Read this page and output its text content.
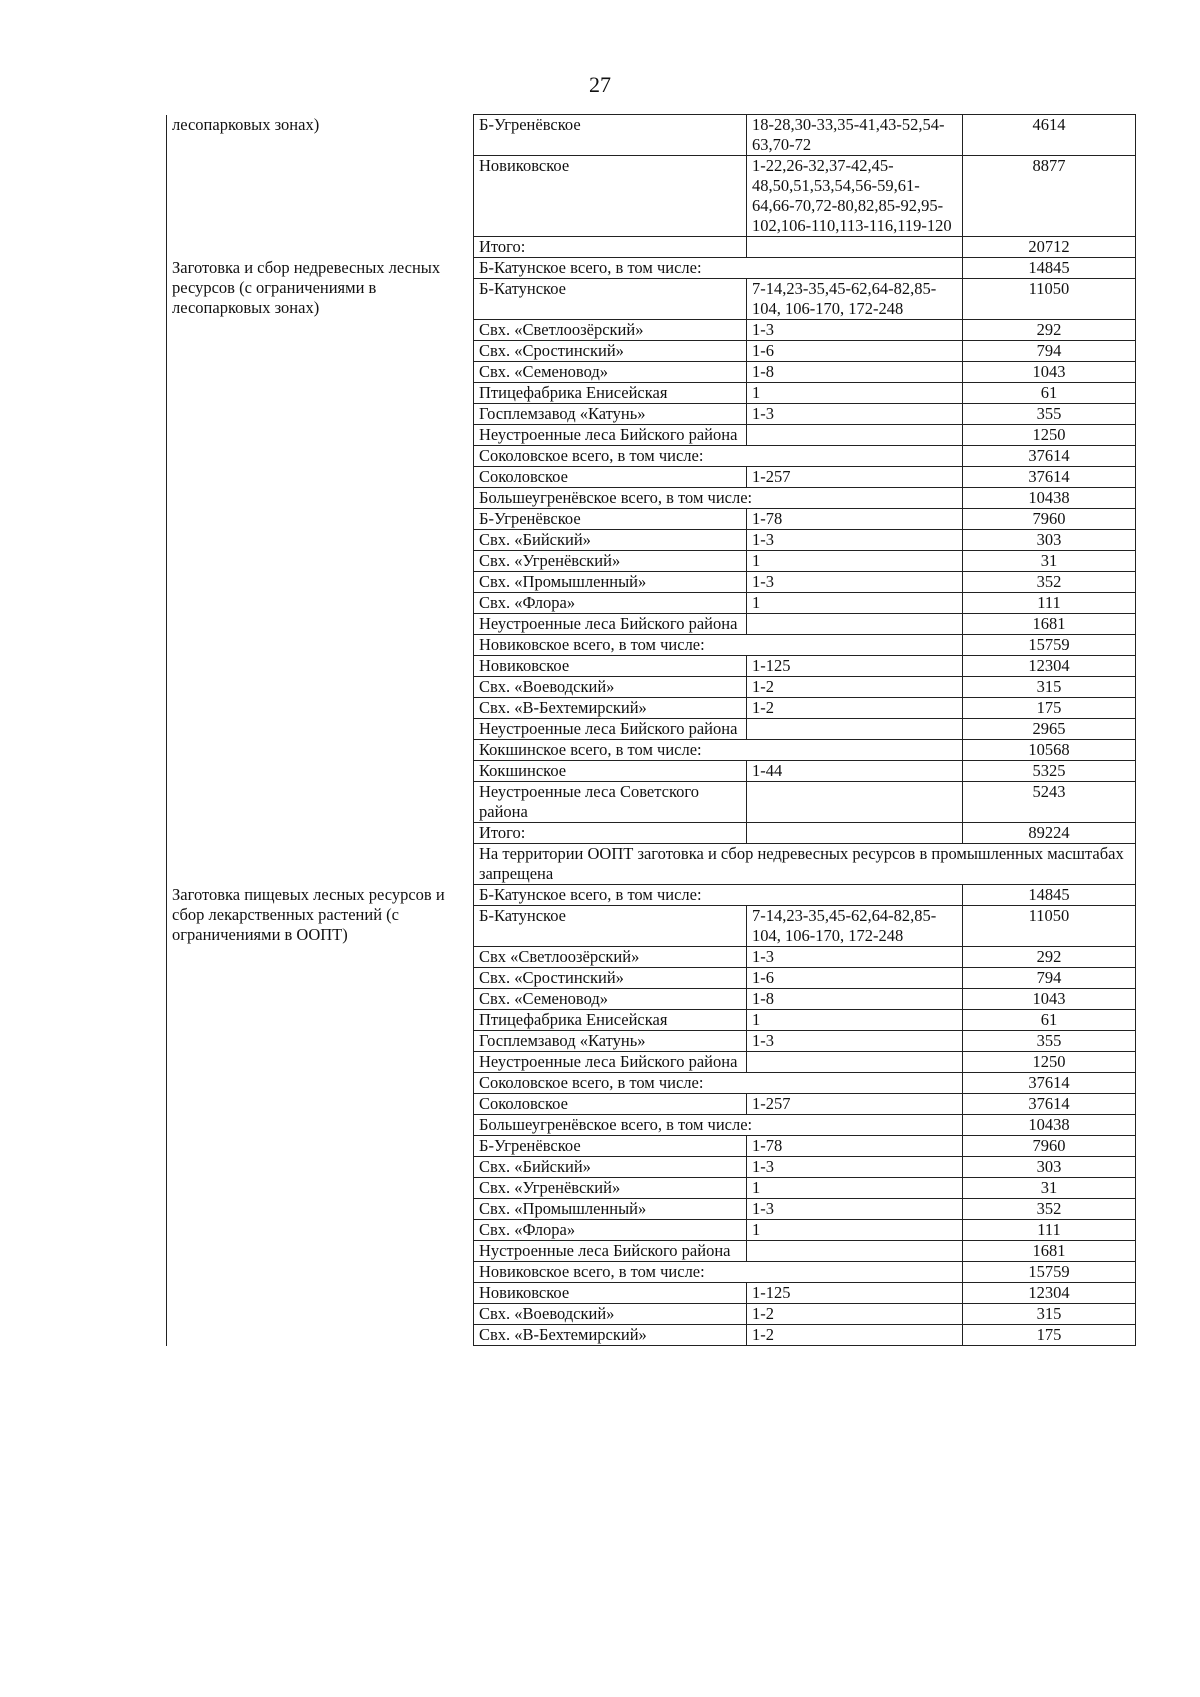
27
лесопарковых зонах)	Б-Угренёвское	18-28,30-33,35-41,43-52,54-63,70-72	4614
	Новиковское	1-22,26-32,37-42,45-48,50,51,53,54,56-59,61-64,66-70,72-80,82,85-92,95-102,106-110,113-116,119-120	8877
	Итого:		20712
Заготовка и сбор недревесных лесных ресурсов (с ограничениями в лесопарковых зонах)	Б-Катунское всего, в том числе:		14845
	Б-Катунское	7-14,23-35,45-62,64-82,85-104, 106-170, 172-248	11050
	Свх. «Светлоозёрский»	1-3	292
	Свх. «Сростинский»	1-6	794
	Свх. «Семеновод»	1-8	1043
	Птицефабрика Енисейская	1	61
	Госплемзавод «Катунь»	1-3	355
	Неустроенные леса Бийского района		1250
	Соколовское всего, в том числе:		37614
	Соколовское	1-257	37614
	Большеугренёвское всего, в том числе:		10438
	Б-Угренёвское	1-78	7960
	Свх. «Бийский»	1-3	303
	Свх. «Угренёвский»	1	31
	Свх. «Промышленный»	1-3	352
	Свх. «Флора»	1	111
	Неустроенные леса Бийского района		1681
	Новиковское всего, в том числе:		15759
	Новиковское	1-125	12304
	Свх. «Воеводский»	1-2	315
	Свх. «В-Бехтемирский»	1-2	175
	Неустроенные леса Бийского района		2965
	Кокшинское всего, в том числе:		10568
	Кокшинское	1-44	5325
	Неустроенные леса Советского района		5243
	Итого:		89224
	На территории ООПТ заготовка и сбор недревесных ресурсов в промышленных масштабах запрещена		
Заготовка пищевых лесных ресурсов и сбор лекарственных растений (с ограничениями в ООПТ)	Б-Катунское всего, в том числе:		14845
	Б-Катунское	7-14,23-35,45-62,64-82,85-104, 106-170, 172-248	11050
	Свх «Светлоозёрский»	1-3	292
	Свх. «Сростинский»	1-6	794
	Свх. «Семеновод»	1-8	1043
	Птицефабрика Енисейская	1	61
	Госплемзавод «Катунь»	1-3	355
	Неустроенные леса Бийского района		1250
	Соколовское всего, в том числе:		37614
	Соколовское	1-257	37614
	Большеугренёвское всего, в том числе:		10438
	Б-Угренёвское	1-78	7960
	Свх. «Бийский»	1-3	303
	Свх. «Угренёвский»	1	31
	Свх. «Промышленный»	1-3	352
	Свх. «Флора»	1	111
	Нустроенные леса Бийского района		1681
	Новиковское всего, в том числе:		15759
	Новиковское	1-125	12304
	Свх. «Воеводский»	1-2	315
	Свх. «В-Бехтемирский»	1-2	175
